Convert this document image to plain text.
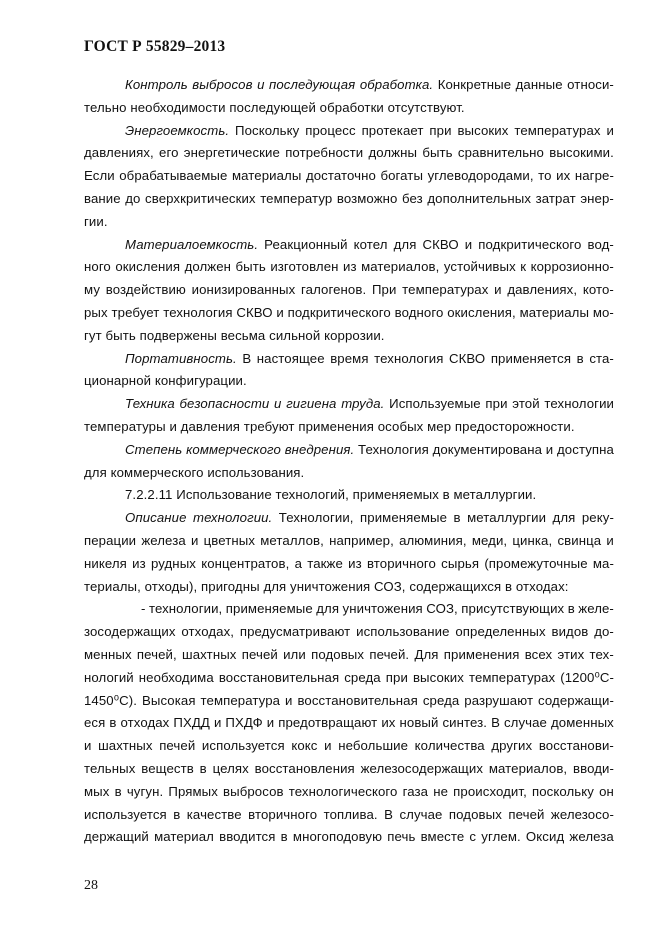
ГОСТ Р 55829–2013
Контроль выбросов и последующая обработка. Конкретные данные относи-
тельно необходимости последующей обработки отсутствуют.
Энергоемкость. Поскольку процесс протекает при высоких температурах и
давлениях, его энергетические потребности должны быть сравнительно высокими.
Если обрабатываемые материалы достаточно богаты углеводородами, то их нагре-
вание до сверхкритических температур возможно без дополнительных затрат энер-
гии.
Материалоемкость. Реакционный котел для СКВО и подкритического вод-
ного окисления должен быть изготовлен из материалов, устойчивых к коррозионно-
му воздействию ионизированных галогенов. При температурах и давлениях, кото-
рых требует технология СКВО и подкритического водного окисления, материалы мо-
гут быть подвержены весьма сильной коррозии.
Портативность. В настоящее время технология СКВО применяется в ста-
ционарной конфигурации.
Техника безопасности и гигиена труда. Используемые при этой технологии
температуры и давления требуют применения особых мер предосторожности.
Степень коммерческого внедрения. Технология документирована и доступна
для коммерческого использования.
7.2.2.11 Использование технологий, применяемых в металлургии.
Описание технологии. Технологии, применяемые в металлургии для реку-
перации железа и цветных металлов, например, алюминия, меди, цинка, свинца и
никеля из рудных концентратов, а также из вторичного сырья (промежуточные ма-
териалы, отходы), пригодны для уничтожения СОЗ, содержащихся в отходах:
- технологии, применяемые для уничтожения СОЗ, присутствующих в желе-
зосодержащих отходах, предусматривают использование определенных видов до-
менных печей, шахтных печей или подовых печей. Для применения всех этих тех-
нологий необходима восстановительная среда при высоких температурах (1200⁰С-
1450⁰С). Высокая температура и восстановительная среда разрушают содержащи-
еся в отходах ПХДД и ПХДФ и предотвращают их новый синтез. В случае доменных
и шахтных печей используется кокс и небольшие количества других восстанови-
тельных веществ в целях восстановления железосодержащих материалов, вводи-
мых в чугун. Прямых выбросов технологического газа не происходит, поскольку он
используется в качестве вторичного топлива. В случае подовых печей железосо-
держащий материал вводится в многоподовую печь вместе с углем. Оксид железа
28
